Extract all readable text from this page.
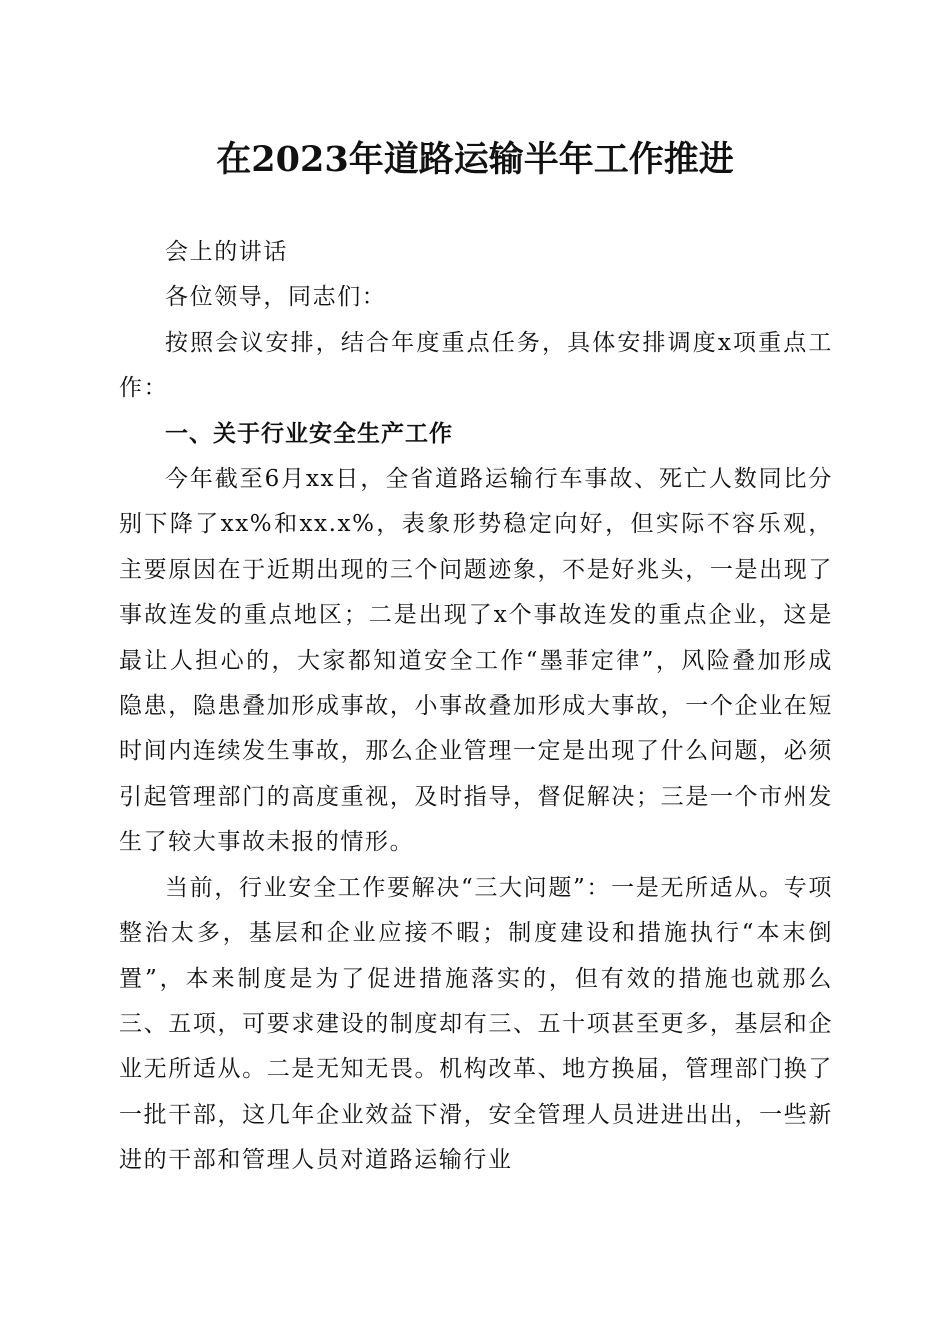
在2023年道路运输半年工作推进

会上的讲话

各位领导，同志们：

按照会议安排，结合年度重点任务，具体安排调度x项重点工作：

一、关于行业安全生产工作

今年截至6月xx日，全省道路运输行车事故、死亡人数同比分别下降了xx%和xx.x%，表象形势稳定向好，但实际不容乐观，主要原因在于近期出现的三个问题迹象，不是好兆头，一是出现了事故连发的重点地区；二是出现了x个事故连发的重点企业，这是最让人担心的，大家都知道安全工作“墨菲定律”，风险叠加形成隐患，隐患叠加形成事故，小事故叠加形成大事故，一个企业在短时间内连续发生事故，那么企业管理一定是出现了什么问题，必须引起管理部门的高度重视，及时指导，督促解决；三是一个市州发生了较大事故未报的情形。

当前，行业安全工作要解决“三大问题”：一是无所适从。专项整治太多，基层和企业应接不暇；制度建设和措施执行“本末倒置”，本来制度是为了促进措施落实的，但有效的措施也就那么三、五项，可要求建设的制度却有三、五十项甚至更多，基层和企业无所适从。二是无知无畏。机构改革、地方换届，管理部门换了一批干部，这几年企业效益下滑，安全管理人员进进出出，一些新进的干部和管理人员对道路运输行业
